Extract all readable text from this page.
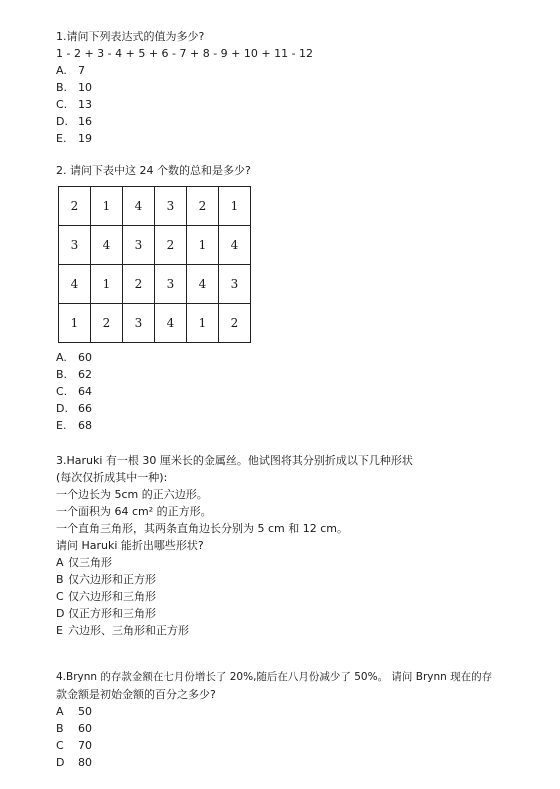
1.请问下列表达式的值为多少?
1 - 2 + 3 - 4 + 5 + 6 - 7 + 8 - 9 + 10 + 11 - 12
A.	7
B. 10
C. 13
D. 16
E.	19
2. 请问下表中这 24 个数的总和是多少?
2	1	4	3	2	1
3	4	3	2	1	4
4	1	2	3	4	3
1	2	3	4	1	2
A.	60
B. 62
C. 64
D. 66
E.	68
3.Haruki 有一根 30 厘米长的金属丝。他试图将其分别折成以下几种形状
(每次仅折成其中一种):
一个边长为 5cm 的正六边形。
一个面积为 64 cm² 的正方形。
一个直角三角形，其两条直角边长分别为 5 cm 和 12 cm。
请问 Haruki 能折出哪些形状?
A 仅三角形
B 仅六边形和正方形
C 仅六边形和三角形
D 仅正方形和三角形
E 六边形、三角形和正方形
4.Brynn 的存款金额在七月份增长了 20%,随后在八月份减少了 50%。 请问 Brynn 现在的存
款金额是初始金额的百分之多少?
A	50
B	60
C	70
D	80
